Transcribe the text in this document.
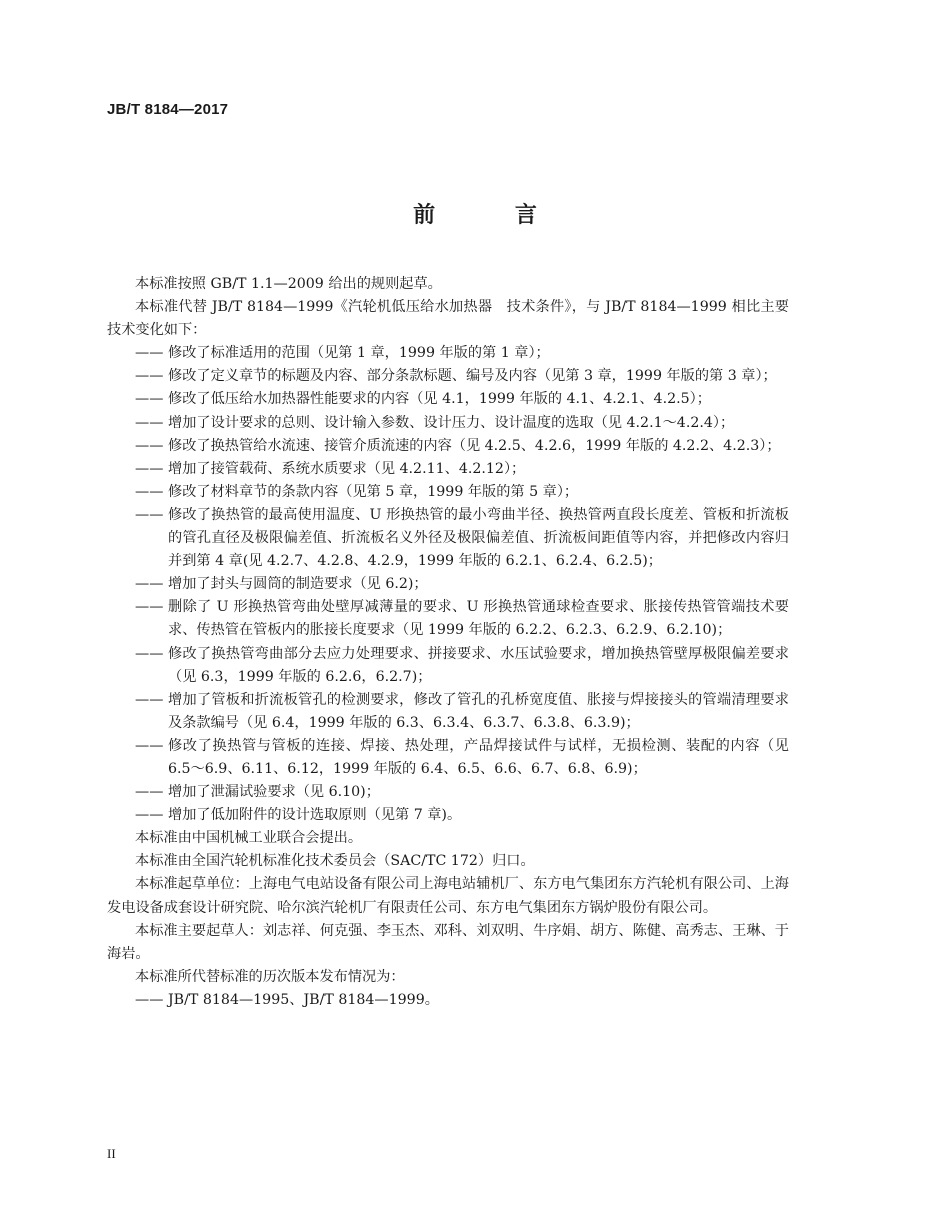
JB/T 8184—2017
前 言

本标准按照 GB/T 1.1—2009 给出的规则起草。

本标准代替 JB/T 8184—1999《汽轮机低压给水加热器　技术条件》，与 JB/T 8184—1999 相比主要技术变化如下：

—— 修改了标准适用的范围（见第 1 章，1999 年版的第 1 章）；
—— 修改了定义章节的标题及内容、部分条款标题、编号及内容（见第 3 章，1999 年版的第 3 章）；
—— 修改了低压给水加热器性能要求的内容（见 4.1，1999 年版的 4.1、4.2.1、4.2.5）；
—— 增加了设计要求的总则、设计输入参数、设计压力、设计温度的选取（见 4.2.1～4.2.4）；
—— 修改了换热管给水流速、接管介质流速的内容（见 4.2.5、4.2.6，1999 年版的 4.2.2、4.2.3）；
—— 增加了接管载荷、系统水质要求（见 4.2.11、4.2.12）；
—— 修改了材料章节的条款内容（见第 5 章，1999 年版的第 5 章）；
—— 修改了换热管的最高使用温度、U 形换热管的最小弯曲半径、换热管两直段长度差、管板和折流板的管孔直径及极限偏差值、折流板名义外径及极限偏差值、折流板间距值等内容，并把修改内容归并到第 4 章(见 4.2.7、4.2.8、4.2.9，1999 年版的 6.2.1、6.2.4、6.2.5)；
—— 增加了封头与圆筒的制造要求（见 6.2)；
—— 删除了 U 形换热管弯曲处壁厚减薄量的要求、U 形换热管通球检查要求、胀接传热管管端技术要求、传热管在管板内的胀接长度要求（见 1999 年版的 6.2.2、6.2.3、6.2.9、6.2.10)；
—— 修改了换热管弯曲部分去应力处理要求、拼接要求、水压试验要求，增加换热管壁厚极限偏差要求（见 6.3，1999 年版的 6.2.6，6.2.7)；
—— 增加了管板和折流板管孔的检测要求，修改了管孔的孔桥宽度值、胀接与焊接接头的管端清理要求及条款编号（见 6.4，1999 年版的 6.3、6.3.4、6.3.7、6.3.8、6.3.9)；
—— 修改了换热管与管板的连接、焊接、热处理，产品焊接试件与试样，无损检测、装配的内容（见 6.5～6.9、6.11、6.12，1999 年版的 6.4、6.5、6.6、6.7、6.8、6.9)；
—— 增加了泄漏试验要求（见 6.10)；
—— 增加了低加附件的设计选取原则（见第 7 章)。

本标准由中国机械工业联合会提出。

本标准由全国汽轮机标准化技术委员会（SAC/TC 172）归口。

本标准起草单位：上海电气电站设备有限公司上海电站辅机厂、东方电气集团东方汽轮机有限公司、上海发电设备成套设计研究院、哈尔滨汽轮机厂有限责任公司、东方电气集团东方锅炉股份有限公司。

本标准主要起草人：刘志祥、何克强、李玉杰、邓科、刘双明、牛序娟、胡方、陈健、高秀志、王琳、于海岩。

本标准所代替标准的历次版本发布情况为：

—— JB/T 8184—1995、JB/T 8184—1999。
II
